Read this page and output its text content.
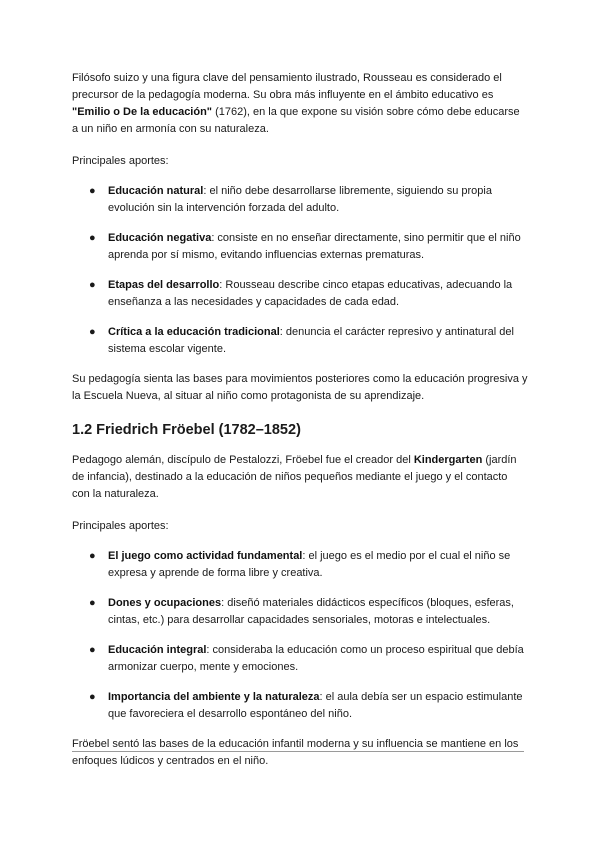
Filósofo suizo y una figura clave del pensamiento ilustrado, Rousseau es considerado el precursor de la pedagogía moderna. Su obra más influyente en el ámbito educativo es "Emilio o De la educación" (1762), en la que expone su visión sobre cómo debe educarse a un niño en armonía con su naturaleza.

Principales aportes:

● Educación natural: el niño debe desarrollarse libremente, siguiendo su propia evolución sin la intervención forzada del adulto.
● Educación negativa: consiste en no enseñar directamente, sino permitir que el niño aprenda por sí mismo, evitando influencias externas prematuras.
● Etapas del desarrollo: Rousseau describe cinco etapas educativas, adecuando la enseñanza a las necesidades y capacidades de cada edad.
● Crítica a la educación tradicional: denuncia el carácter represivo y antinatural del sistema escolar vigente.

Su pedagogía sienta las bases para movimientos posteriores como la educación progresiva y la Escuela Nueva, al situar al niño como protagonista de su aprendizaje.

1.2 Friedrich Fröebel (1782–1852)

Pedagogo alemán, discípulo de Pestalozzi, Fröebel fue el creador del Kindergarten (jardín de infancia), destinado a la educación de niños pequeños mediante el juego y el contacto con la naturaleza.

Principales aportes:

● El juego como actividad fundamental: el juego es el medio por el cual el niño se expresa y aprende de forma libre y creativa.
● Dones y ocupaciones: diseñó materiales didácticos específicos (bloques, esferas, cintas, etc.) para desarrollar capacidades sensoriales, motoras e intelectuales.
● Educación integral: consideraba la educación como un proceso espiritual que debía armonizar cuerpo, mente y emociones.
● Importancia del ambiente y la naturaleza: el aula debía ser un espacio estimulante que favoreciera el desarrollo espontáneo del niño.

Fröebel sentó las bases de la educación infantil moderna y su influencia se mantiene en los enfoques lúdicos y centrados en el niño.
